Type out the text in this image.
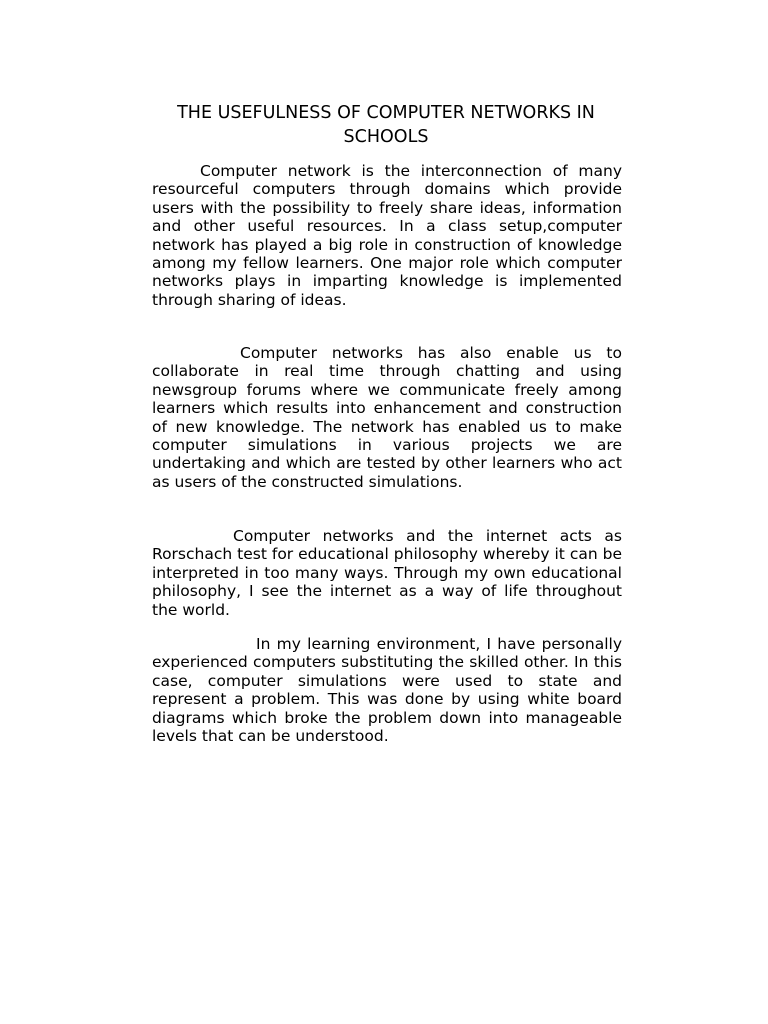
THE USEFULNESS OF COMPUTER NETWORKS IN SCHOOLS

Computer network is the interconnection of many resourceful computers through domains which provide users with the possibility to freely share ideas, information and other useful resources. In a class setup,computer network has played a big role in construction of knowledge among my fellow learners. One major role which computer networks plays in imparting knowledge is implemented through sharing of ideas.

Computer networks has also enable us to collaborate in real time through chatting and using newsgroup forums where we communicate freely among learners which results into enhancement and construction of new knowledge. The network has enabled us to make computer simulations in various projects we are undertaking and which are tested by other learners who act as users of the constructed simulations.

Computer networks and the internet acts as Rorschach test for educational philosophy whereby it can be interpreted in too many ways. Through my own educational philosophy, I see the internet as a way of life throughout the world.

In my learning environment, I have personally experienced computers substituting the skilled other. In this case, computer simulations were used to state and represent a problem. This was done by using white board diagrams which broke the problem down into manageable levels that can be understood.
